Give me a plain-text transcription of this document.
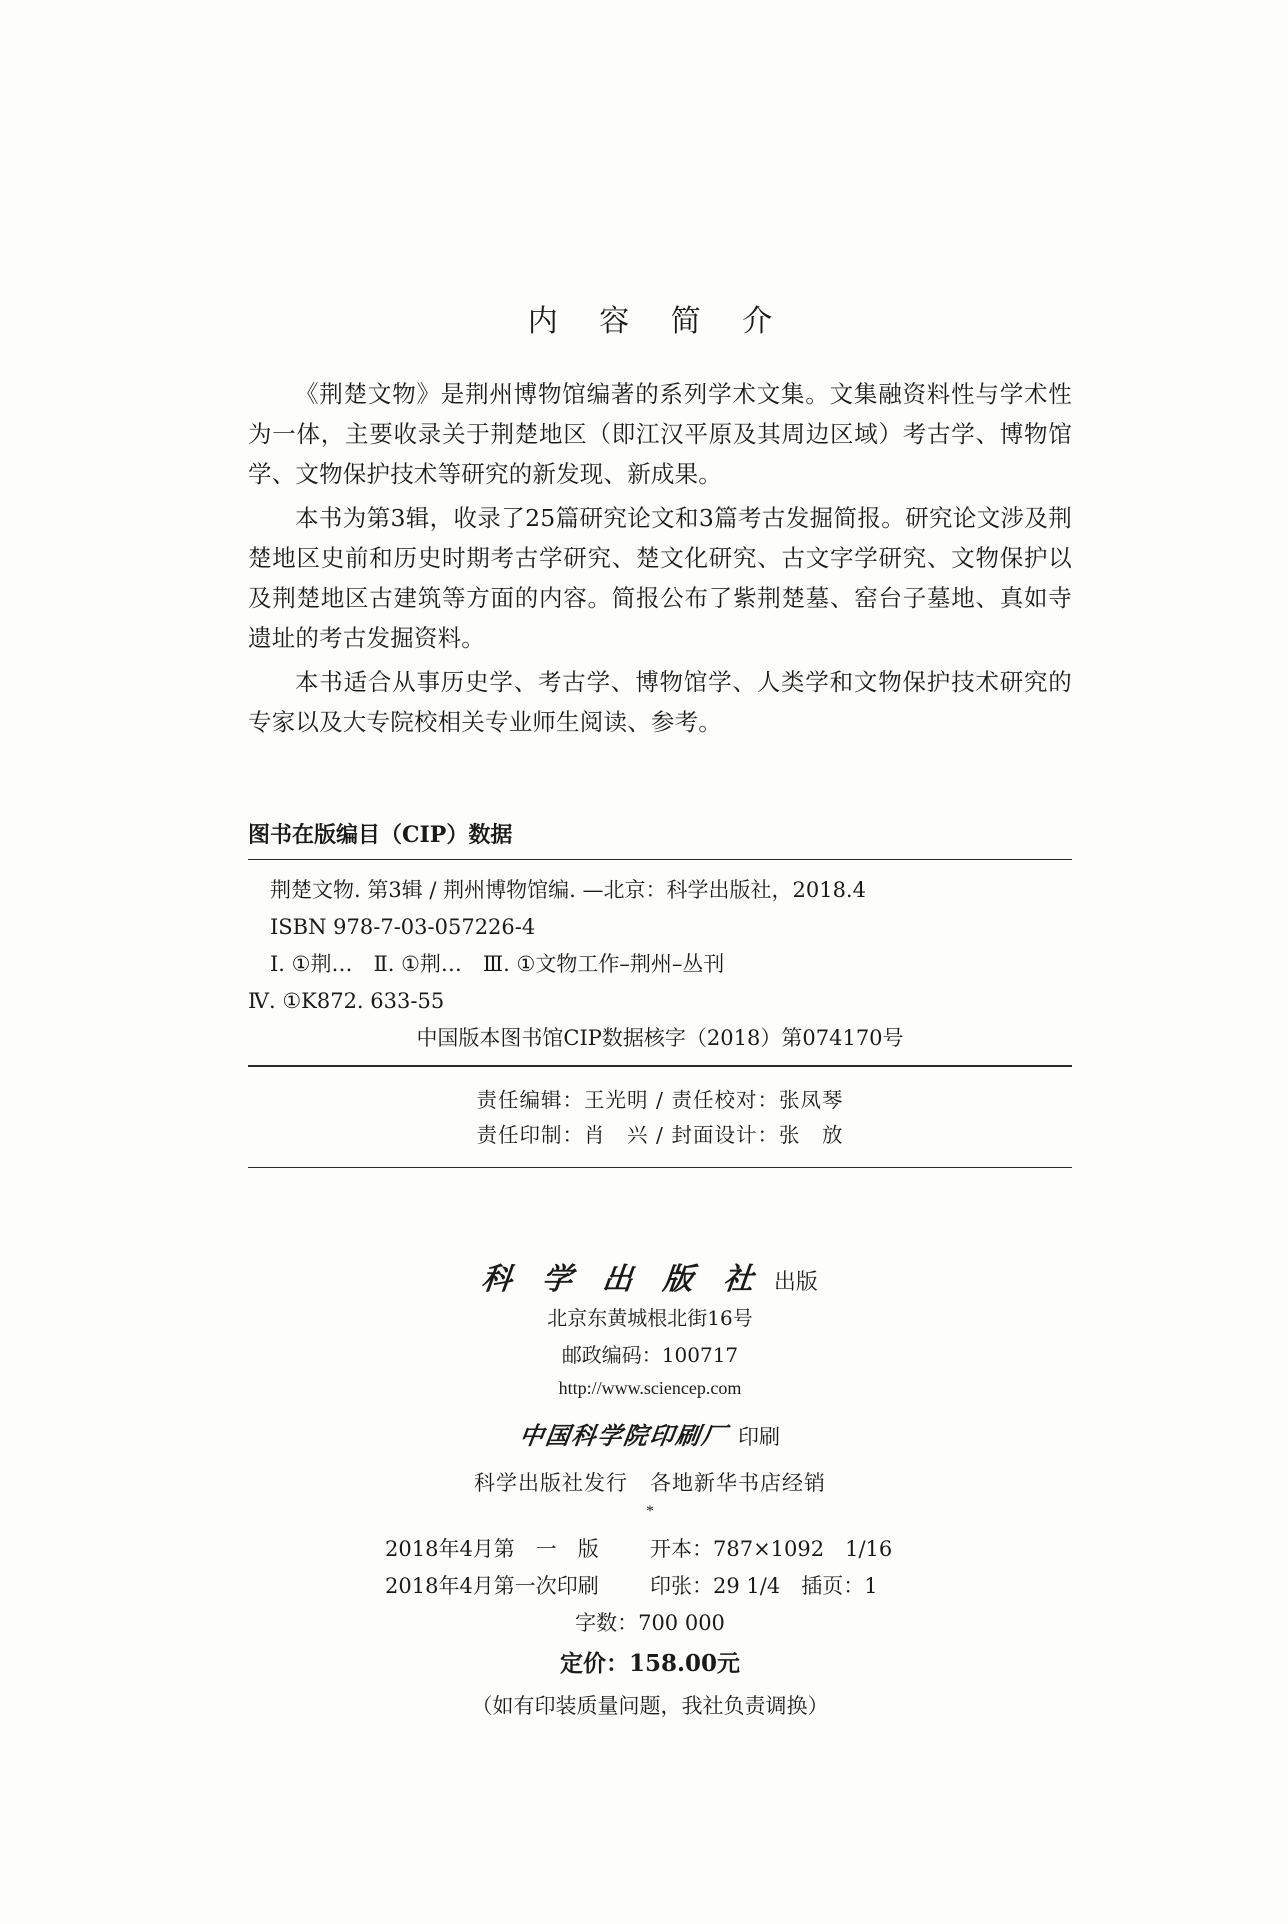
内 容 简 介

《荆楚文物》是荆州博物馆编著的系列学术文集。文集融资料性与学术性为一体，主要收录关于荆楚地区（即江汉平原及其周边区域）考古学、博物馆学、文物保护技术等研究的新发现、新成果。

本书为第3辑，收录了25篇研究论文和3篇考古发掘简报。研究论文涉及荆楚地区史前和历史时期考古学研究、楚文化研究、古文字学研究、文物保护以及荆楚地区古建筑等方面的内容。简报公布了紫荆楚墓、窑台子墓地、真如寺遗址的考古发掘资料。

本书适合从事历史学、考古学、博物馆学、人类学和文物保护技术研究的专家以及大专院校相关专业师生阅读、参考。

图书在版编目（CIP）数据
荆楚文物. 第3辑 / 荆州博物馆编. —北京：科学出版社，2018.4
ISBN 978-7-03-057226-4
Ⅰ. ①荆…　Ⅱ. ①荆…　Ⅲ. ①文物工作–荆州–丛刊
Ⅳ. ①K872. 633-55
中国版本图书馆CIP数据核字（2018）第074170号
责任编辑：王光明 / 责任校对：张凤琴
责任印制：肖　兴 / 封面设计：张　放
科 学 出 版 社 出版
北京东黄城根北街16号
邮政编码：100717
http://www.sciencep.com
中国科学院印刷厂 印刷
科学出版社发行　各地新华书店经销
*
2018年4月第　一　版	开本：787×1092　1/16
2018年4月第一次印刷	印张：29 1/4　插页：1
字数：700 000
定价：158.00元
（如有印装质量问题，我社负责调换）
